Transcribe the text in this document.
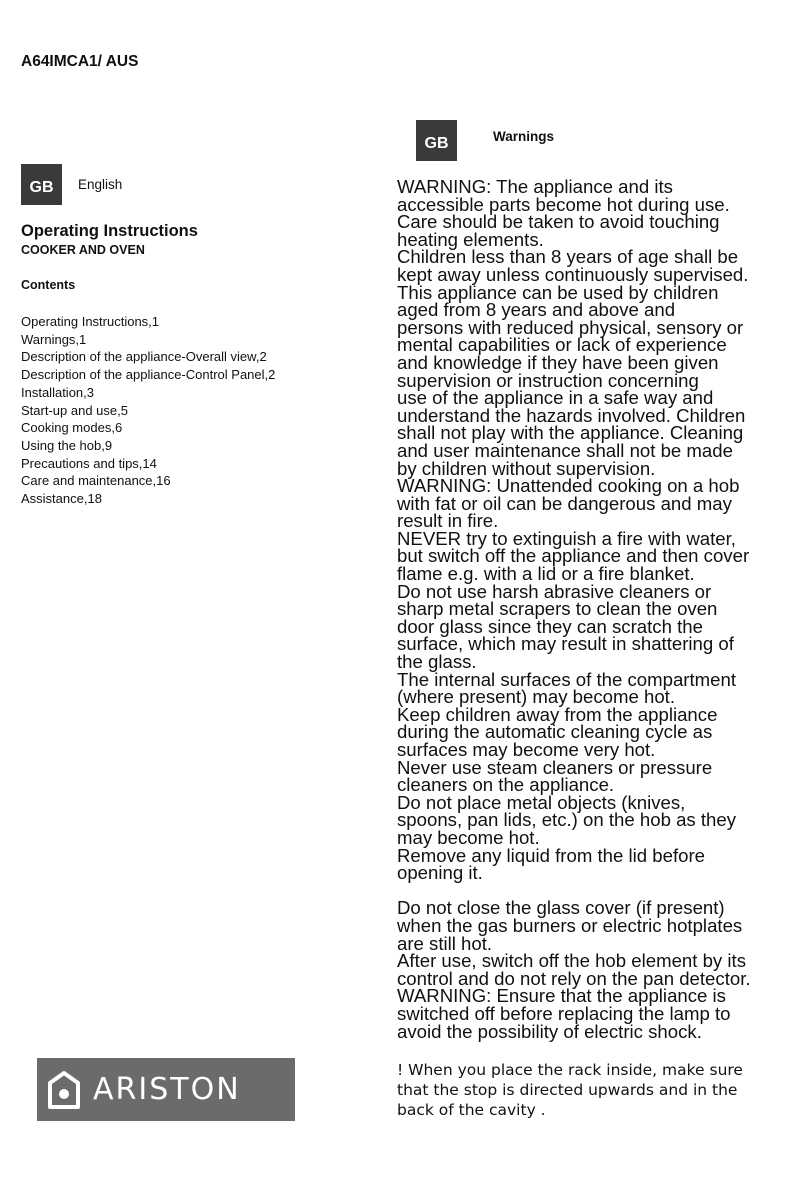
A64IMCA1/ AUS
GB	English
GB	Warnings
Operating Instructions
COOKER AND OVEN
Contents
Operating Instructions,1
Warnings,1
Description of the appliance-Overall view,2
Description of the appliance-Control Panel,2
Installation,3
Start-up and use,5
Cooking modes,6
Using the hob,9
Precautions and tips,14
Care and maintenance,16
Assistance,18

WARNING: The appliance and its

accessible parts become hot during use.

Care should be taken to avoid touching

heating elements.

Children less than 8 years of age shall be

kept away unless continuously supervised.

This appliance can be used by children

aged from 8 years and above and

persons with reduced physical, sensory or

mental capabilities or lack of experience

and knowledge if they have been given

supervision or instruction concerning

use of the appliance in a safe way and

understand the hazards involved. Children

shall not play with the appliance. Cleaning

and user maintenance shall not be made

by children without supervision.

WARNING: Unattended cooking on a hob

with fat or oil can be dangerous and may

result in fire.

NEVER try to extinguish a fire with water,

but switch off the appliance and then cover

flame e.g. with a lid or a fire blanket.

Do not use harsh abrasive cleaners or

sharp metal scrapers to clean the oven

door glass since they can scratch the

surface, which may result in shattering of

the glass.

The internal surfaces of the compartment

(where present) may become hot.

Keep children away from the appliance

during the automatic cleaning cycle as

surfaces may become very hot.

Never use steam cleaners or pressure

cleaners on the appliance.

Do not place metal objects (knives,

spoons, pan lids, etc.) on the hob as they

may become hot.

Remove any liquid from the lid before

opening it.

Do not close the glass cover (if present)

when the gas burners or electric hotplates

are still hot.

After use, switch off the hob element by its

control and do not rely on the pan detector.

WARNING: Ensure that the appliance is

switched off before replacing the lamp to

avoid the possibility of electric shock.

! When you place the rack inside, make sure
that the stop is directed upwards and in the
back of the cavity .
ARISTON
